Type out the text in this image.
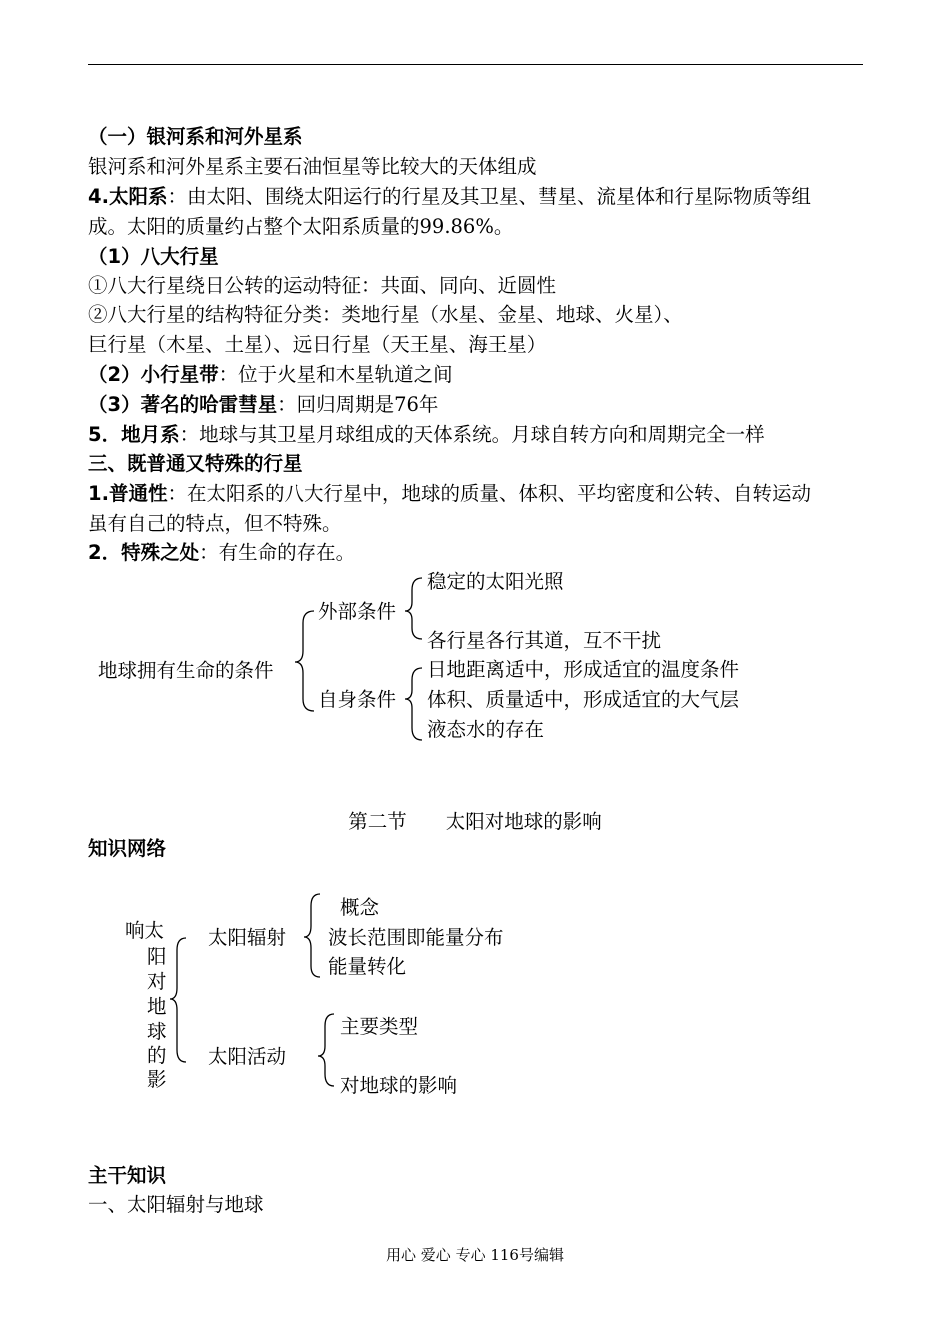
（一）银河系和河外星系
银河系和河外星系主要石油恒星等比较大的天体组成
4.太阳系：由太阳、围绕太阳运行的行星及其卫星、彗星、流星体和行星际物质等组
成。太阳的质量约占整个太阳系质量的99.86%。
（1）八大行星
①八大行星绕日公转的运动特征：共面、同向、近圆性
②八大行星的结构特征分类：类地行星（水星、金星、地球、火星）、
巨行星（木星、土星）、远日行星（天王星、海王星）
（2）小行星带：位于火星和木星轨道之间
（3）著名的哈雷彗星：回归周期是76年
5．地月系：地球与其卫星月球组成的天体系统。月球自转方向和周期完全一样
三、既普通又特殊的行星
1.普通性：在太阳系的八大行星中，地球的质量、体积、平均密度和公转、自转运动
虽有自己的特点，但不特殊。
2．特殊之处：有生命的存在。
地球拥有生命的条件
外部条件
自身条件
稳定的太阳光照
各行星各行其道，互不干扰
日地距离适中，形成适宜的温度条件
体积、质量适中，形成适宜的大气层
液态水的存在
第二节　　太阳对地球的影响
知识网络
响太
阳
对
地
球
的
影
太阳辐射
概念
波长范围即能量分布
能量转化
太阳活动
主要类型
对地球的影响
主干知识
一、太阳辐射与地球
用心 爱心 专心 116号编辑
